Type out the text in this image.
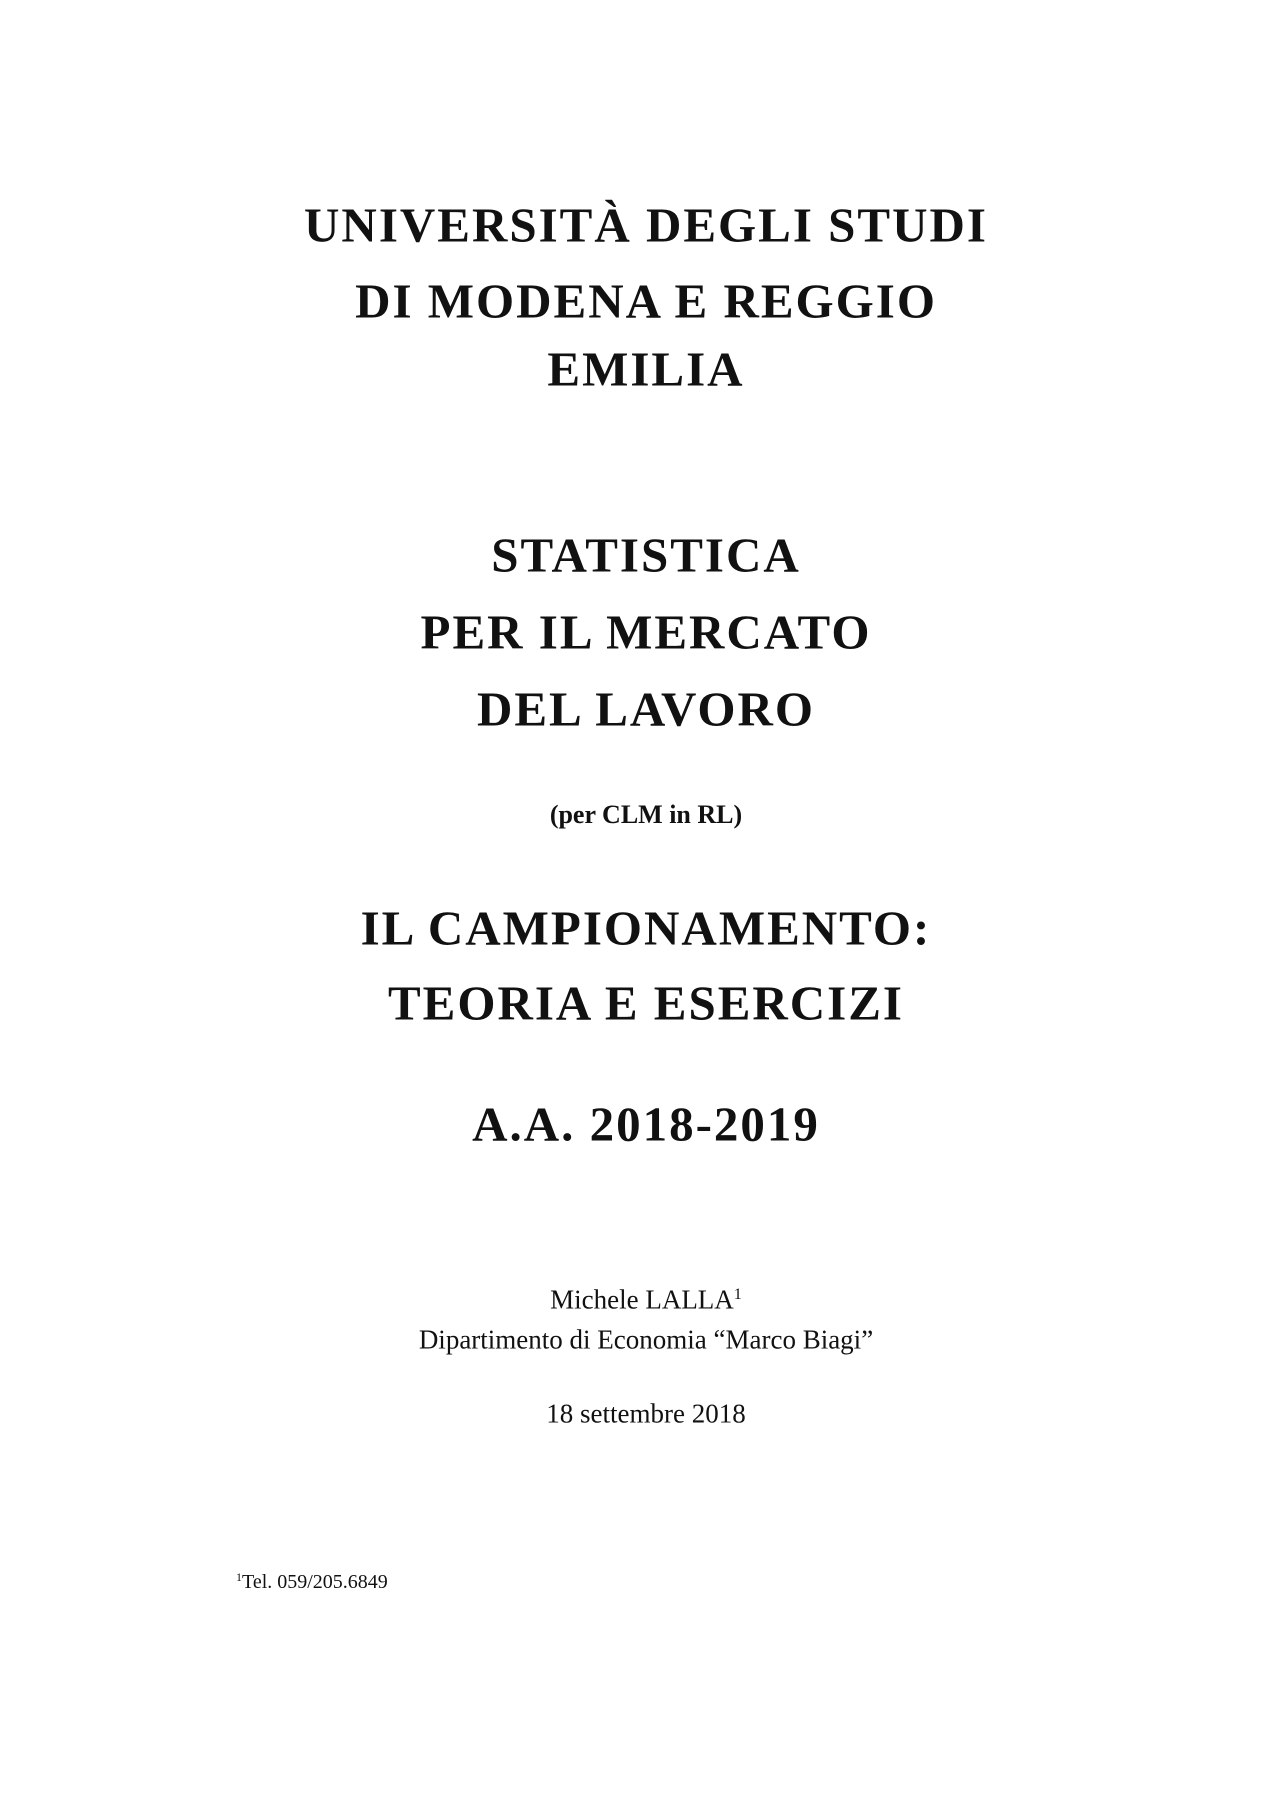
UNIVERSITÀ DEGLI STUDI
DI MODENA E REGGIO
EMILIA
STATISTICA
PER IL MERCATO
DEL LAVORO
(per CLM in RL)
IL CAMPIONAMENTO:
TEORIA E ESERCIZI
A.A. 2018-2019
Michele LALLA$^1$
Dipartimento di Economia “Marco Biagi”
18 settembre 2018
$^1$Tel. 059/205.6849
